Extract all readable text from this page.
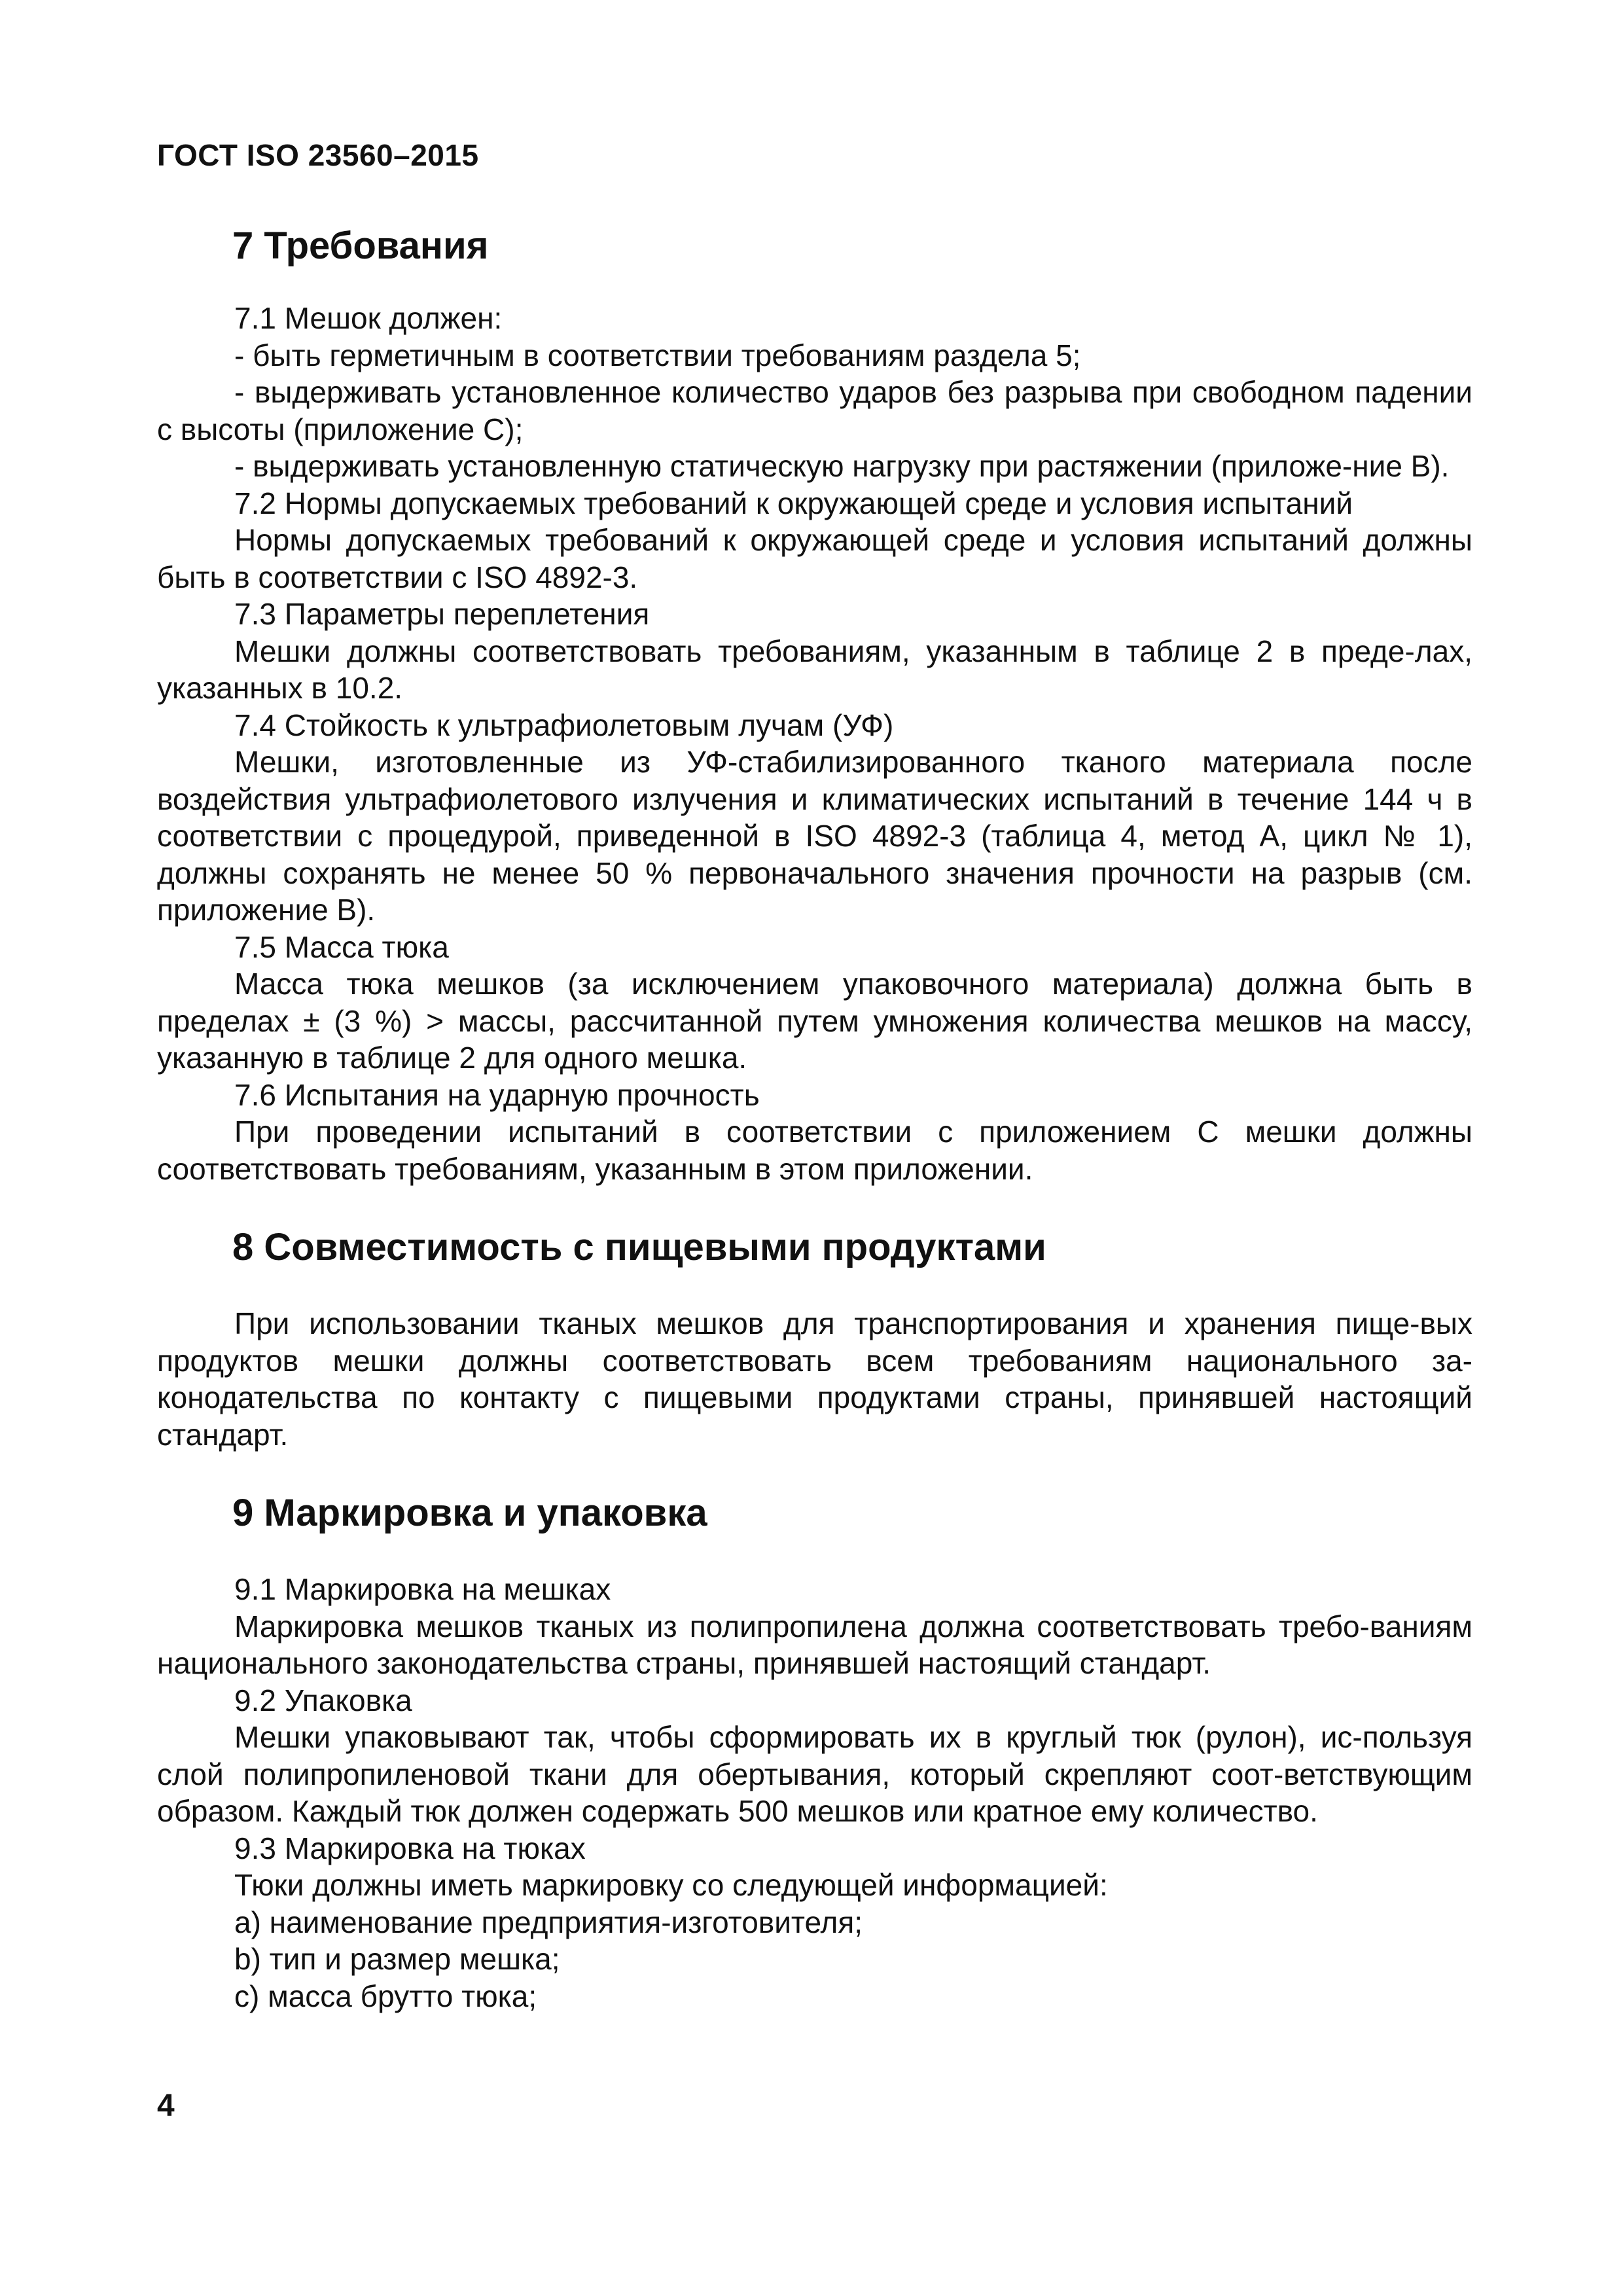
ГОСТ ISO 23560–2015
7 Требования

7.1 Мешок должен:

- быть герметичным в соответствии требованиям раздела 5;

- выдерживать установленное количество ударов без разрыва при свободном падении с высоты (приложение С);

- выдерживать установленную статическую нагрузку при растяжении (приложе-ние В).

7.2 Нормы допускаемых требований к окружающей среде и условия испытаний

Нормы допускаемых требований к окружающей среде и условия испытаний должны быть в соответствии с ISO 4892-3.

7.3 Параметры переплетения

Мешки должны соответствовать требованиям, указанным в таблице 2 в преде-лах, указанных в 10.2.

7.4 Стойкость к ультрафиолетовым лучам (УФ)

Мешки, изготовленные из УФ-стабилизированного тканого материала после воздействия ультрафиолетового излучения и климатических испытаний в течение 144 ч в соответствии с процедурой, приведенной в ISO 4892-3 (таблица 4, метод А, цикл № 1), должны сохранять не менее 50 % первоначального значения прочности на разрыв (см. приложение В).

7.5 Масса тюка

Масса тюка мешков (за исключением упаковочного материала) должна быть в пределах ± (3 %) > массы, рассчитанной путем умножения количества мешков на массу, указанную в таблице 2 для одного мешка.

7.6 Испытания на ударную прочность

При проведении испытаний в соответствии с приложением С мешки должны соответствовать требованиям, указанным в этом приложении.

8 Совместимость с пищевыми продуктами

При использовании тканых мешков для транспортирования и хранения пище-вых продуктов мешки должны соответствовать всем требованиям национального за-конодательства по контакту с пищевыми продуктами страны, принявшей настоящий стандарт.

9 Маркировка и упаковка

9.1 Маркировка на мешках

Маркировка мешков тканых из полипропилена должна соответствовать требо-ваниям национального законодательства страны, принявшей настоящий стандарт.

9.2 Упаковка

Мешки упаковывают так, чтобы сформировать их в круглый тюк (рулон), ис-пользуя слой полипропиленовой ткани для обертывания, который скрепляют соот-ветствующим образом. Каждый тюк должен содержать 500 мешков или кратное ему количество.

9.3 Маркировка на тюках

Тюки должны иметь маркировку со следующей информацией:

а) наименование предприятия-изготовителя;

b) тип и размер мешка;

с) масса брутто тюка;

4
